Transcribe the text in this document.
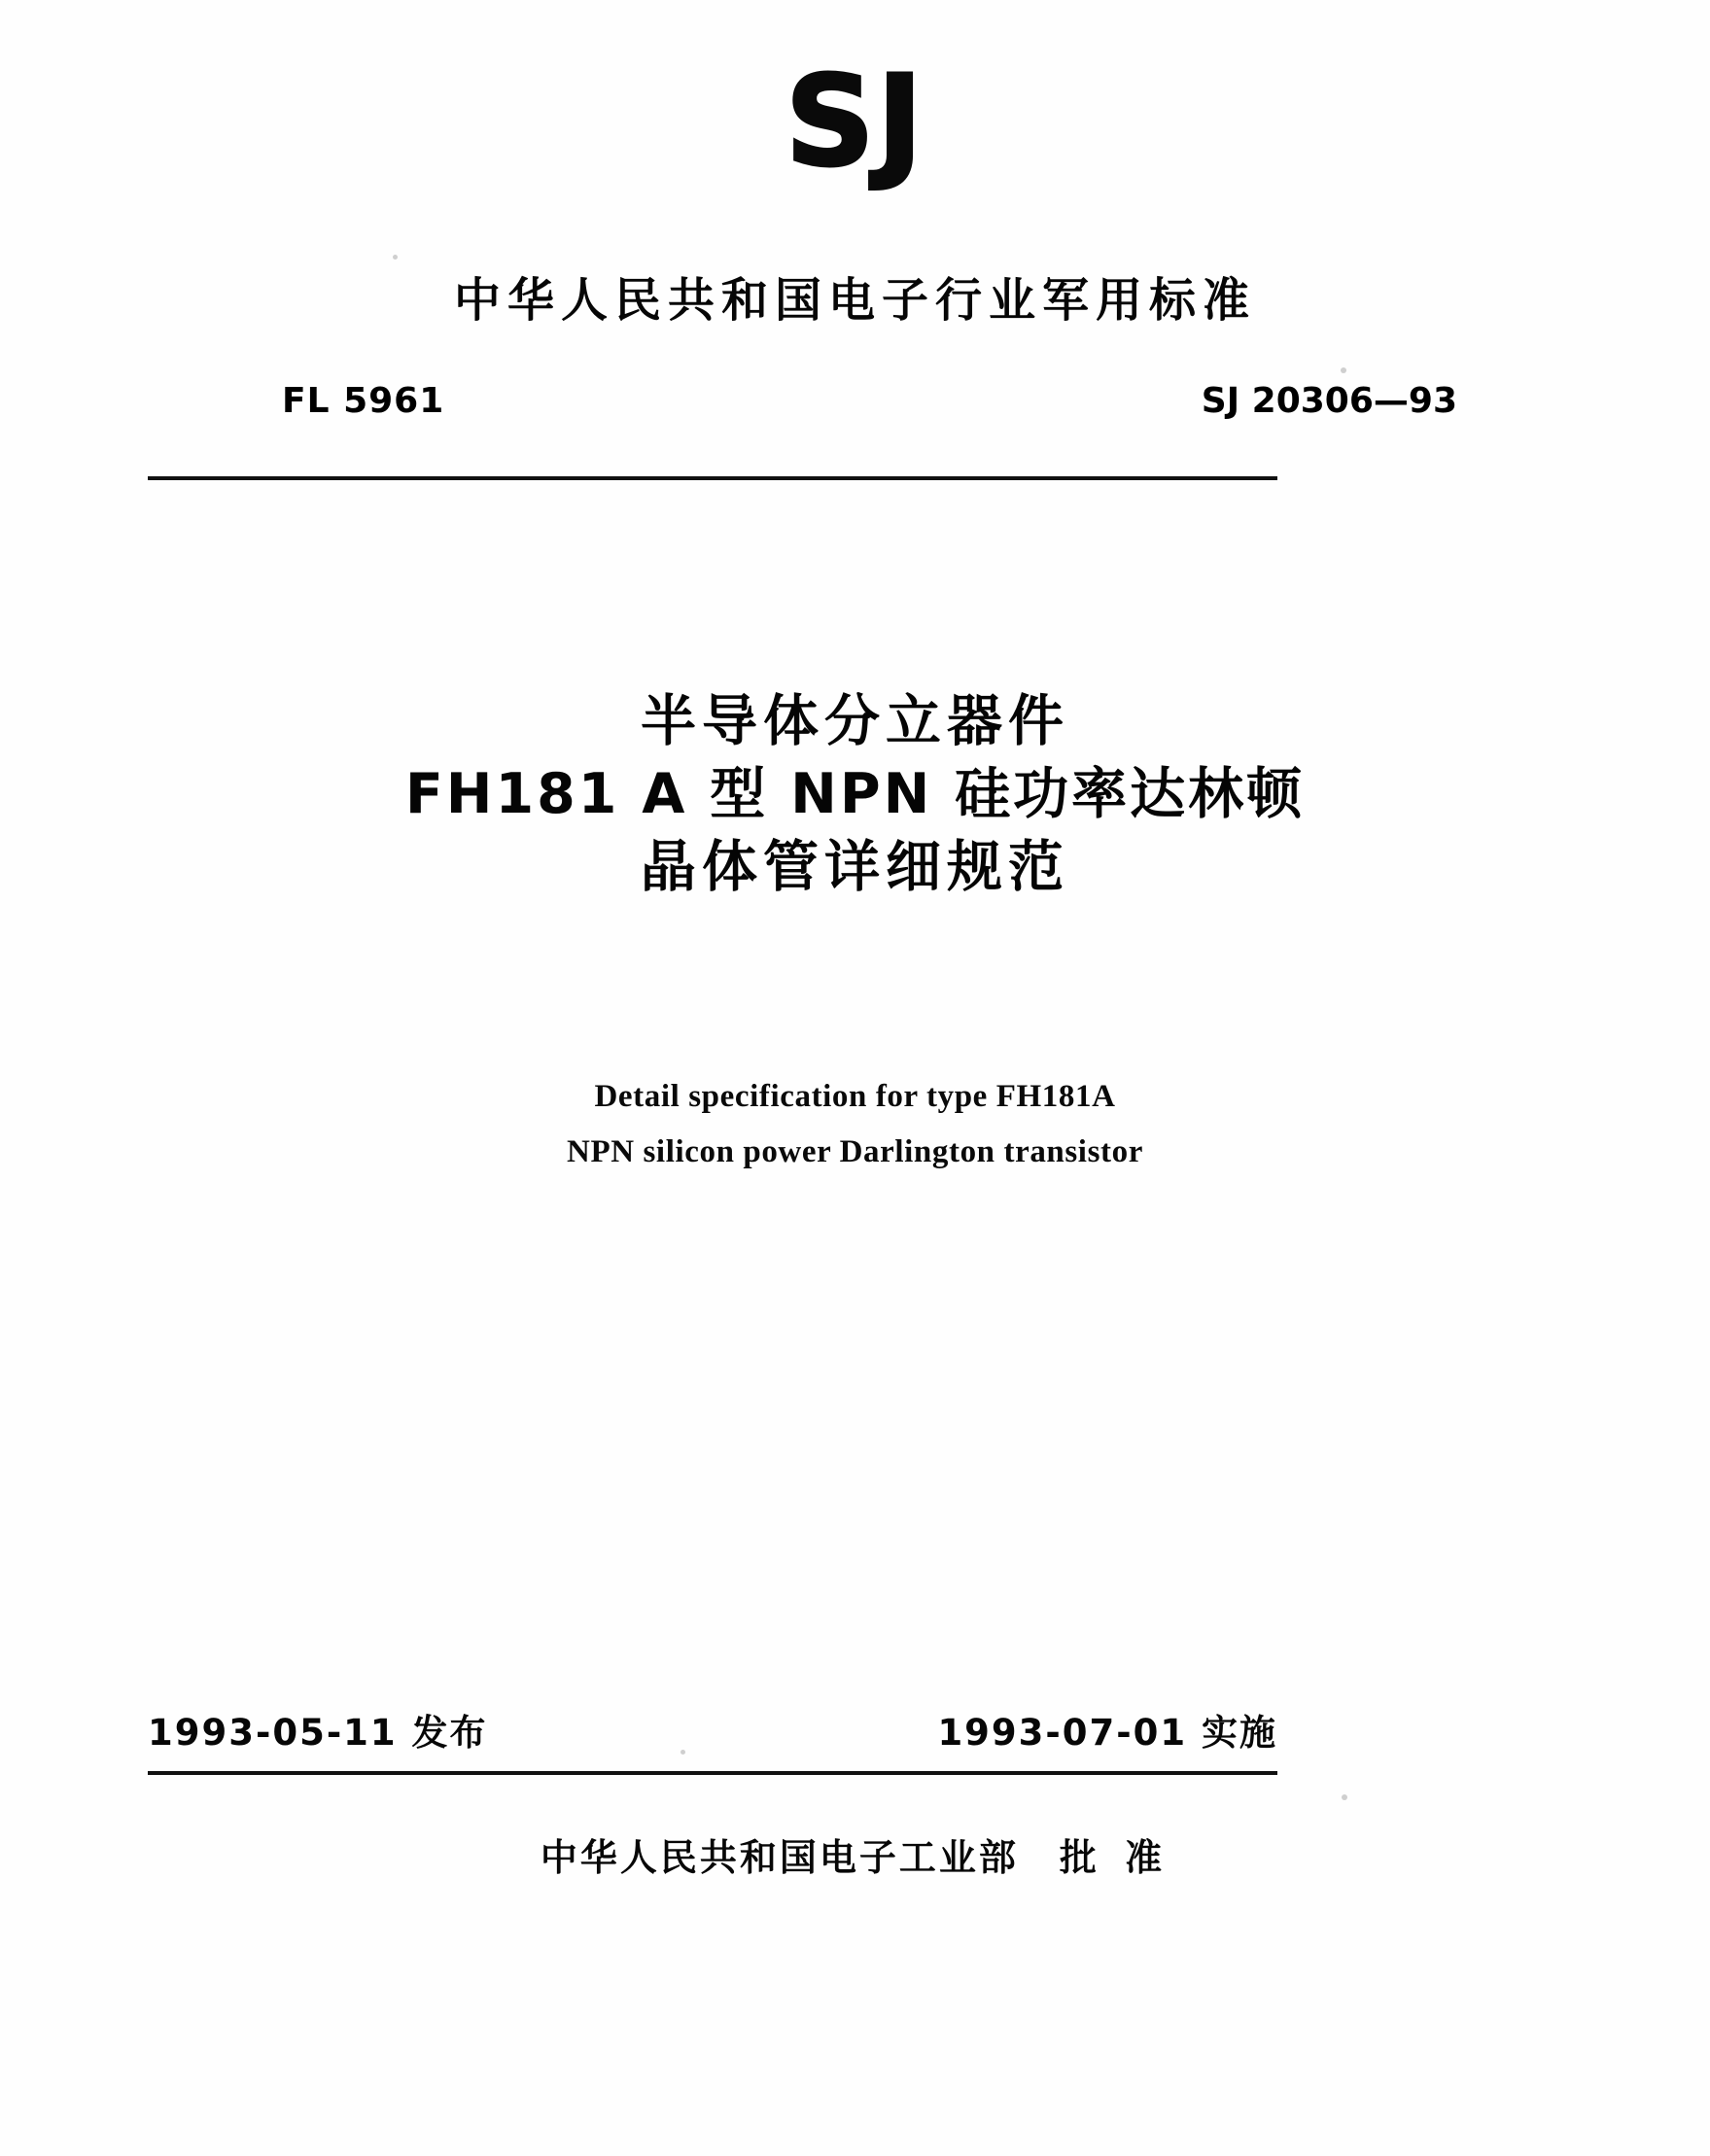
SJ
中华人民共和国电子行业军用标准
FL 5961	SJ 20306—93
半导体分立器件
FH181 A 型 NPN 硅功率达林顿
晶体管详细规范
Detail specification for type FH181A
NPN silicon power Darlington transistor
1993-05-11 发布	1993-07-01 实施
中华人民共和国电子工业部 批 准
